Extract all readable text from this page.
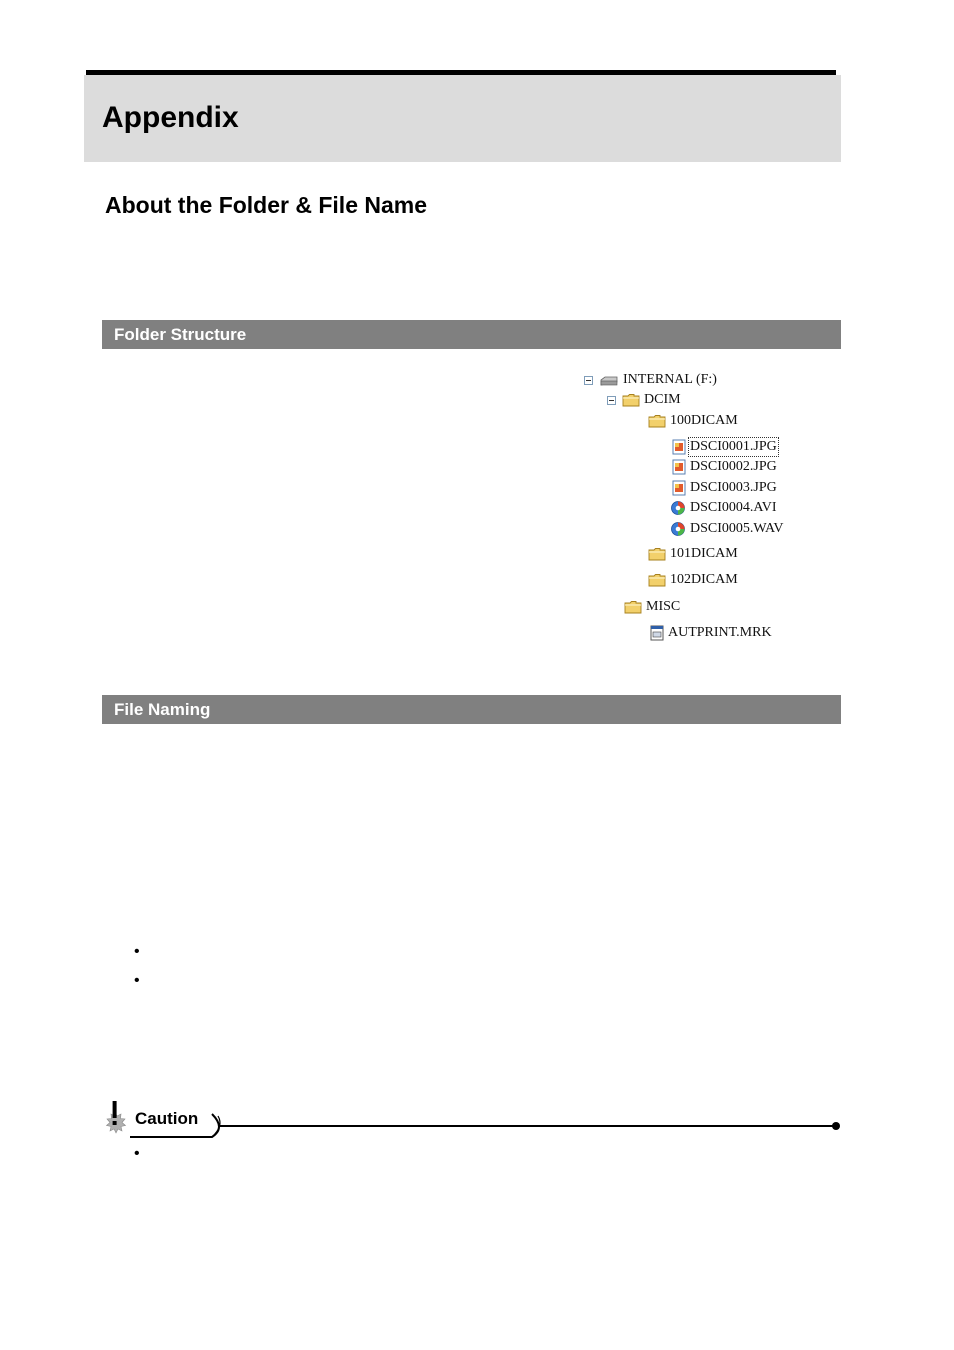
Appendix
About the Folder & File Name
Folder Structure
INTERNAL (F:)
DCIM
100DICAM
DSCI0001.JPG
DSCI0002.JPG
DSCI0003.JPG
DSCI0004.AVI
DSCI0005.WAV
101DICAM
102DICAM
MISC
AUTPRINT.MRK
File Naming
•
•
Caution
•
